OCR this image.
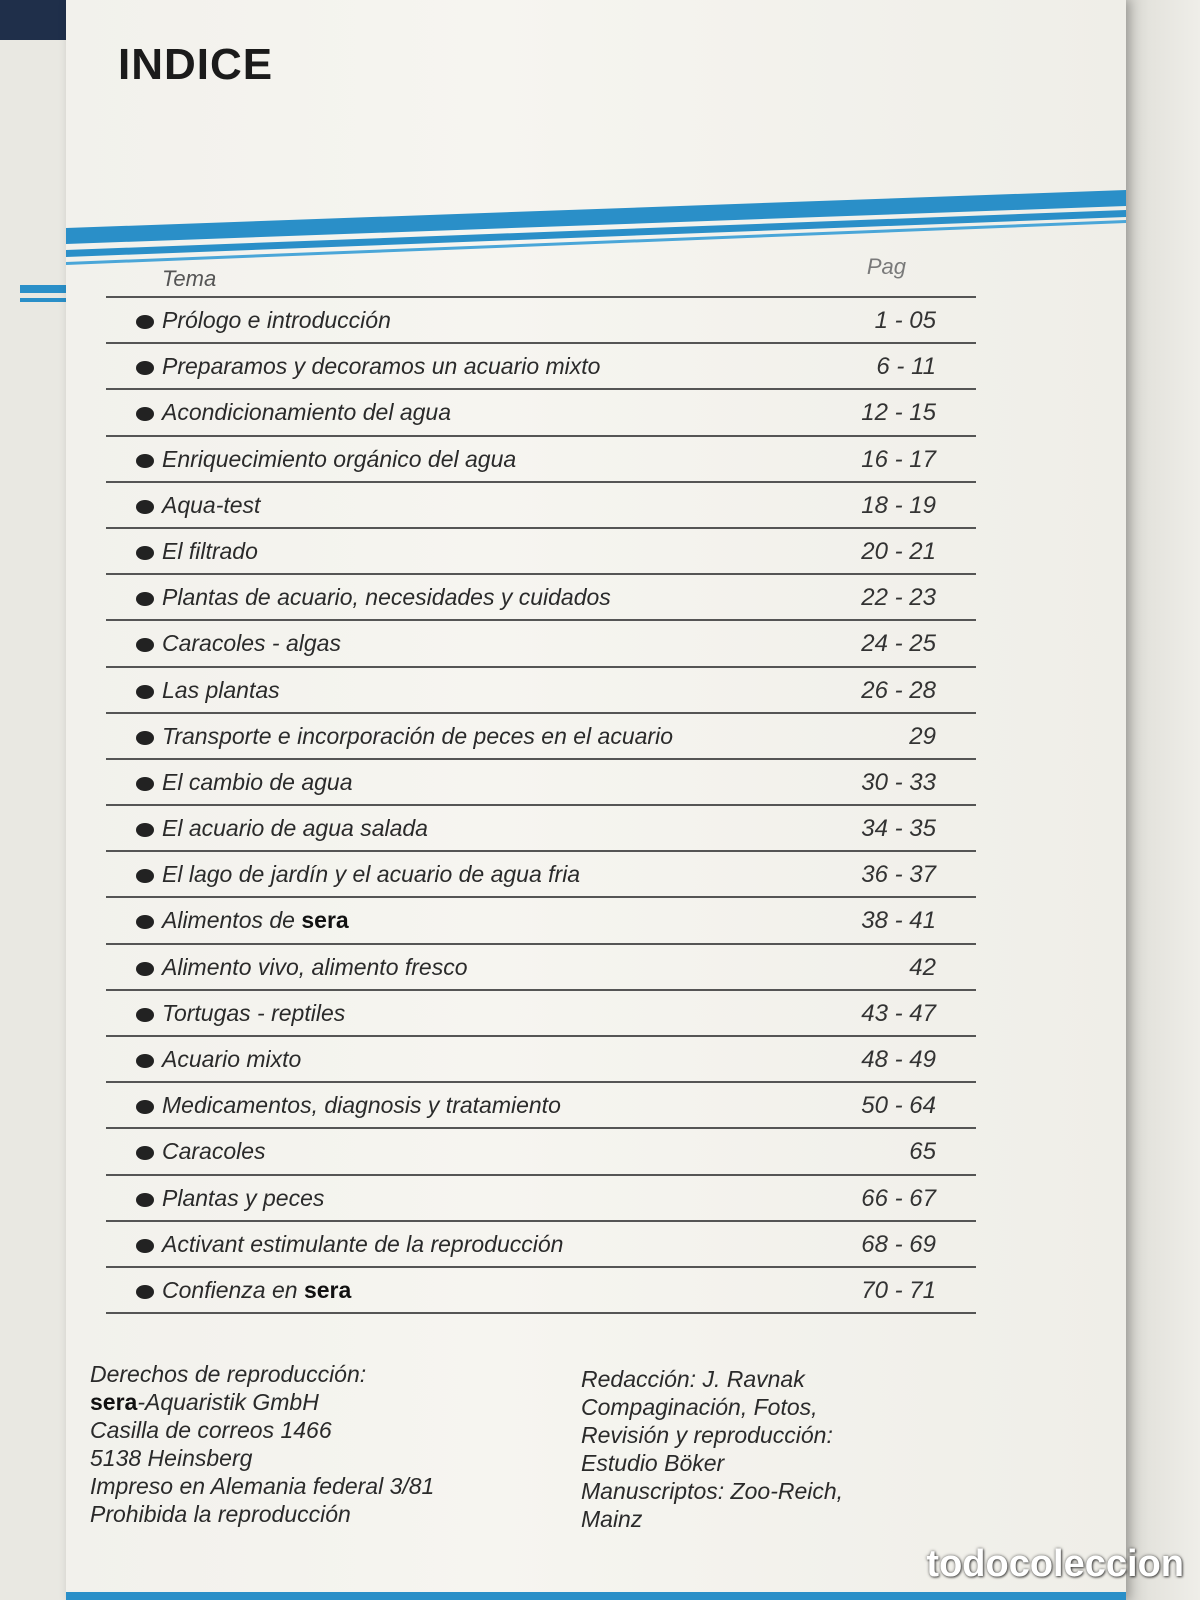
INDICE
Tema	Pag
Prólogo e introducción	1 - 05
Preparamos y decoramos un acuario mixto	6 - 11
Acondicionamiento del agua	12 - 15
Enriquecimiento orgánico del agua	16 - 17
Aqua-test	18 - 19
El filtrado	20 - 21
Plantas de acuario, necesidades y cuidados	22 - 23
Caracoles - algas	24 - 25
Las plantas	26 - 28
Transporte e incorporación de peces en el acuario	29
El cambio de agua	30 - 33
El acuario de agua salada	34 - 35
El lago de jardín y el acuario de agua fria	36 - 37
Alimentos de sera	38 - 41
Alimento vivo, alimento fresco	42
Tortugas - reptiles	43 - 47
Acuario mixto	48 - 49
Medicamentos, diagnosis y tratamiento	50 - 64
Caracoles	65
Plantas y peces	66 - 67
Activant estimulante de la reproducción	68 - 69
Confienza en sera	70 - 71
Derechos de reproducción:
sera-Aquaristik GmbH
Casilla de correos 1466
5138 Heinsberg
Impreso en Alemania federal 3/81
Prohibida la reproducción
Redacción: J. Ravnak
Compaginación, Fotos,
Revisión y reproducción:
Estudio Böker
Manuscriptos: Zoo-Reich,
Mainz
todocoleccion
